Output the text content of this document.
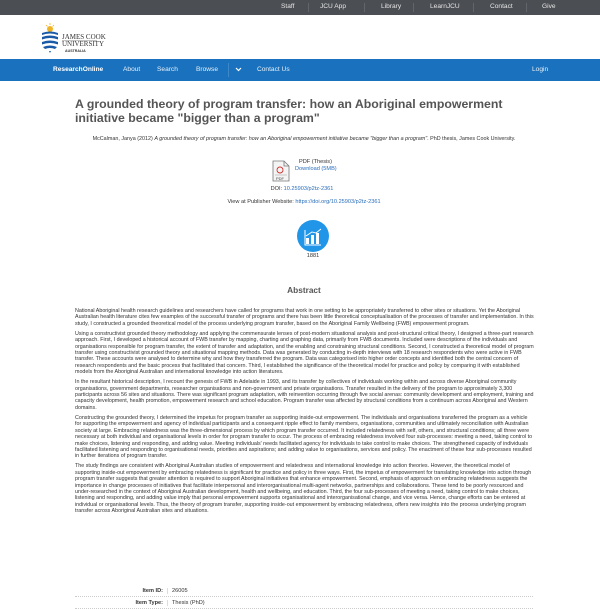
Staff	JCU App	Library	LearnJCU	Contact	Give
JAMES COOK
UNIVERSITY
AUSTRALIA
ResearchOnline	About	Search	Browse	Contact Us	Login
A grounded theory of program transfer: how an Aboriginal empowerment initiative became "bigger than a program"
McCalman, Janya (2012) A grounded theory of program transfer: how an Aboriginal empowerment initiative became "bigger than a program". PhD thesis, James Cook University.
PDF
PDF (Thesis)
Download (5MB)
DOI: 10.25903/p2tz-2361
View at Publisher Website: https://doi.org/10.25903/p2tz-2361
1881
Abstract

National Aboriginal health research guidelines and researchers have called for programs that work in one setting to be appropriately transferred to other sites or situations. Yet the Aboriginal Australian health literature cites few examples of the successful transfer of programs and there has been little theoretical conceptualisation of the processes of transfer and implementation. In this study, I constructed a grounded theoretical model of the process underlying program transfer, based on the Aboriginal Family Wellbeing (FWB) empowerment program.

Using a constructivist grounded theory methodology and applying the commensurate lenses of post-modern situational analysis and post-structural critical theory, I designed a three-part research approach. First, I developed a historical account of FWB transfer by mapping, charting and graphing data, primarily from FWB documents. Included were descriptions of the individuals and organisations responsible for program transfer, the extent of transfer and adaptation, and the enabling and constraining structural conditions. Second, I constructed a theoretical model of program transfer using constructivist grounded theory and situational mapping methods. Data was generated by conducting in-depth interviews with 18 research respondents who were active in FWB transfer. These accounts were analysed to determine why and how they transferred the program. Data was categorised into higher order concepts and identified both the central concern of research respondents and the basic process that facilitated that concern. Third, I established the significance of the theoretical model for practice and policy by comparing it with established models from the Aboriginal Australian and international knowledge into action literatures.

In the resultant historical description, I recount the genesis of FWB in Adelaide in 1993, and its transfer by collectives of individuals working within and across diverse Aboriginal community organisations, government departments, researcher organisations and non-government and private organisations. Transfer resulted in the delivery of the program to approximately 3,300 participants across 56 sites and situations. There was significant program adaptation, with reinvention occurring through five social arenas: community development and employment, training and capacity development, health promotion, empowerment research and school education. Program transfer was affected by structural conditions from a continuum across Aboriginal and Western domains.

Constructing the grounded theory, I determined the impetus for program transfer as supporting inside-out empowerment. The individuals and organisations transferred the program as a vehicle for supporting the empowerment and agency of individual participants and a consequent ripple effect to family members, organisations, communities and ultimately reconciliation with Australian society at large. Embracing relatedness was the three-dimensional process by which program transfer occurred. It included relatedness with self, others, and structural conditions; all three were necessary at both individual and organisational levels in order for program transfer to occur. The process of embracing relatedness involved four sub-processes: meeting a need, taking control to make choices, listening and responding, and adding value. Meeting individuals' needs facilitated agency for individuals to take control to make choices. The strengthened capacity of individuals facilitated listening and responding to organisational needs, priorities and aspirations; and adding value to organisations, services and policy. The enactment of these four sub-processes resulted in further iterations of program transfer.

The study findings are consistent with Aboriginal Australian studies of empowerment and relatedness and international knowledge into action theories. However, the theoretical model of supporting inside-out empowerment by embracing relatedness is significant for practice and policy in three ways. First, the impetus of empowerment for translating knowledge into action through program transfer suggests that greater attention is required to support Aboriginal initiatives that enhance empowerment. Second, emphasis of approach on embracing relatedness suggests the importance in change processes of initiatives that facilitate interpersonal and interorganisational multi-agent networks, partnerships and collaborations. These tend to be poorly resourced and under-researched in the context of Aboriginal Australian development, health and wellbeing, and education. Third, the four sub-processes of meeting a need, taking control to make choices, listening and responding, and adding value imply that personal empowerment supports organisational and interorganisational change, and vice versa. Hence, change efforts can be entered at individual or organisational levels. Thus, the theory of program transfer, supporting inside-out empowerment by embracing relatedness, offers new insights into the process underlying program transfer across Aboriginal Australian sites and situations.

Item ID:	26005
Item Type:	Thesis (PhD)
